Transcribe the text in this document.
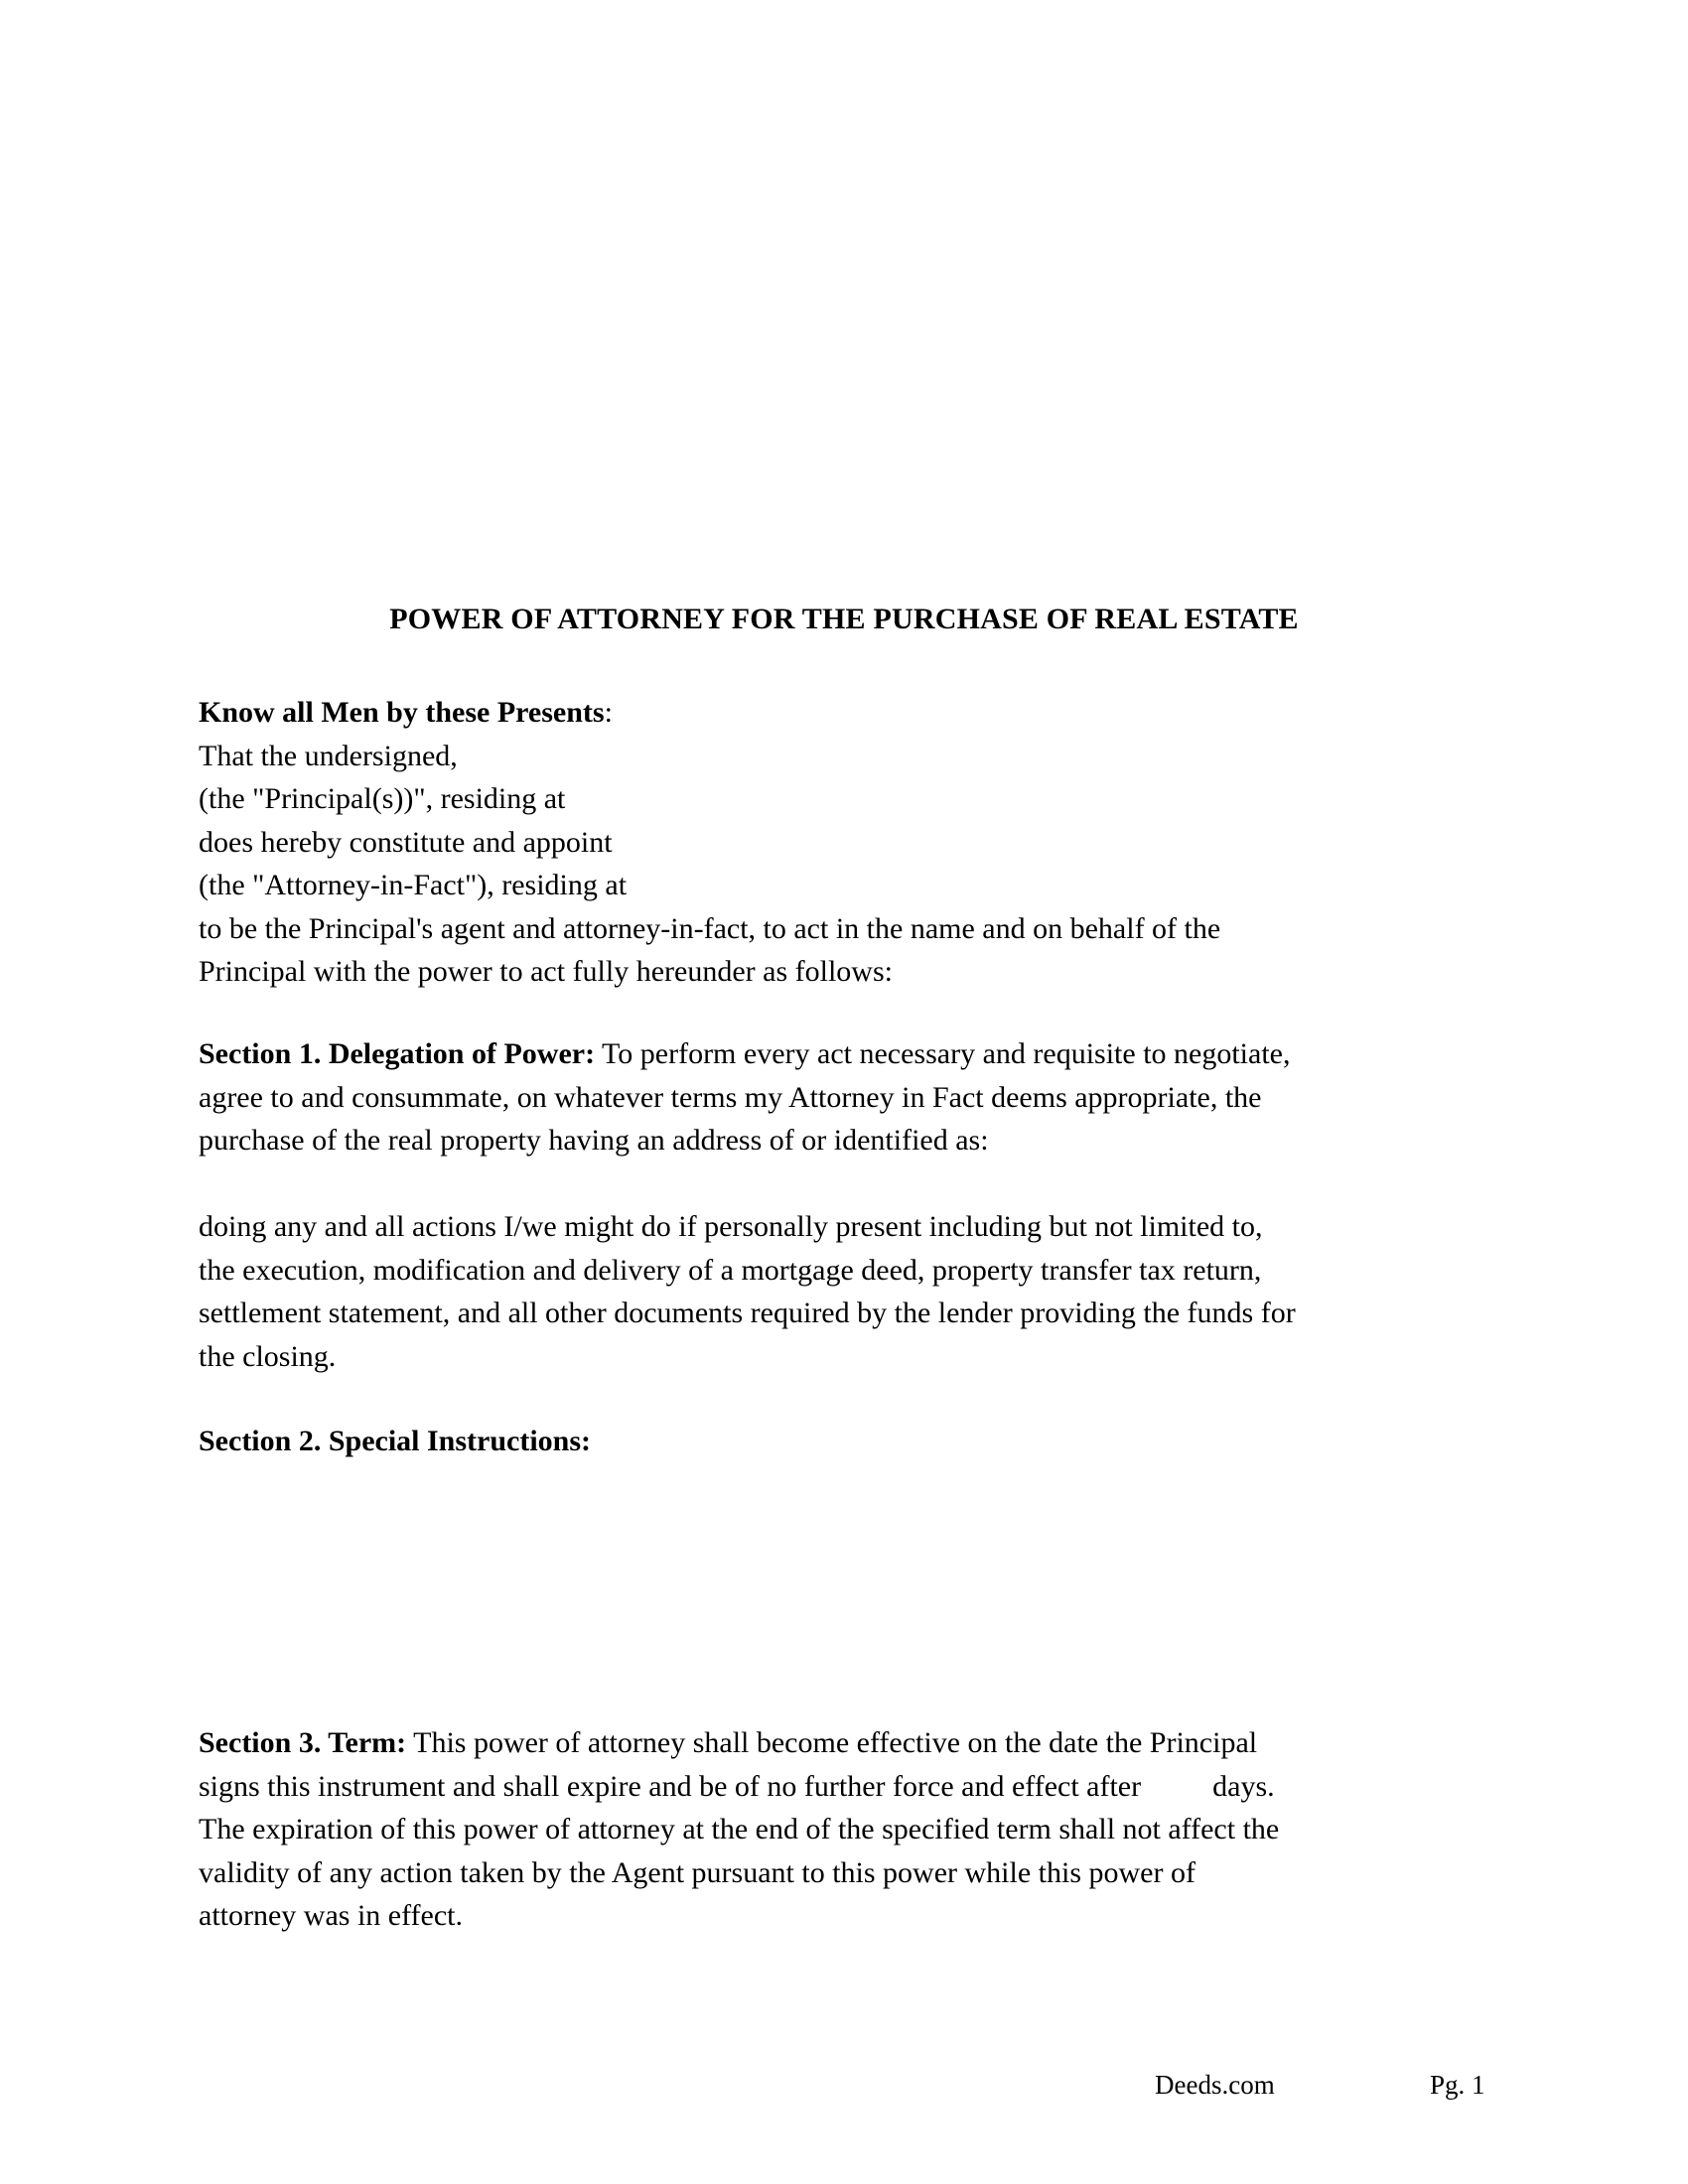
POWER OF ATTORNEY FOR THE PURCHASE OF REAL ESTATE

Know all Men by these Presents:

That the undersigned,

(the "Principal(s))", residing at

does hereby constitute and appoint

(the "Attorney-in-Fact"), residing at

to be the Principal's agent and attorney-in-fact, to act in the name and on behalf of the

Principal with the power to act fully hereunder as follows:

Section 1. Delegation of Power: To perform every act necessary and requisite to negotiate,

agree to and consummate, on whatever terms my Attorney in Fact deems appropriate, the

purchase of the real property having an address of or identified as:

doing any and all actions I/we might do if personally present including but not limited to,

the execution, modification and delivery of a mortgage deed, property transfer tax return,

settlement statement, and all other documents required by the lender providing the funds for

the closing.

Section 2. Special Instructions:

Section 3. Term: This power of attorney shall become effective on the date the Principal

signs this instrument and shall expire and be of no further force and effect after days.

The expiration of this power of attorney at the end of the specified term shall not affect the

validity of any action taken by the Agent pursuant to this power while this power of

attorney was in effect.

Deeds.com	Pg. 1
